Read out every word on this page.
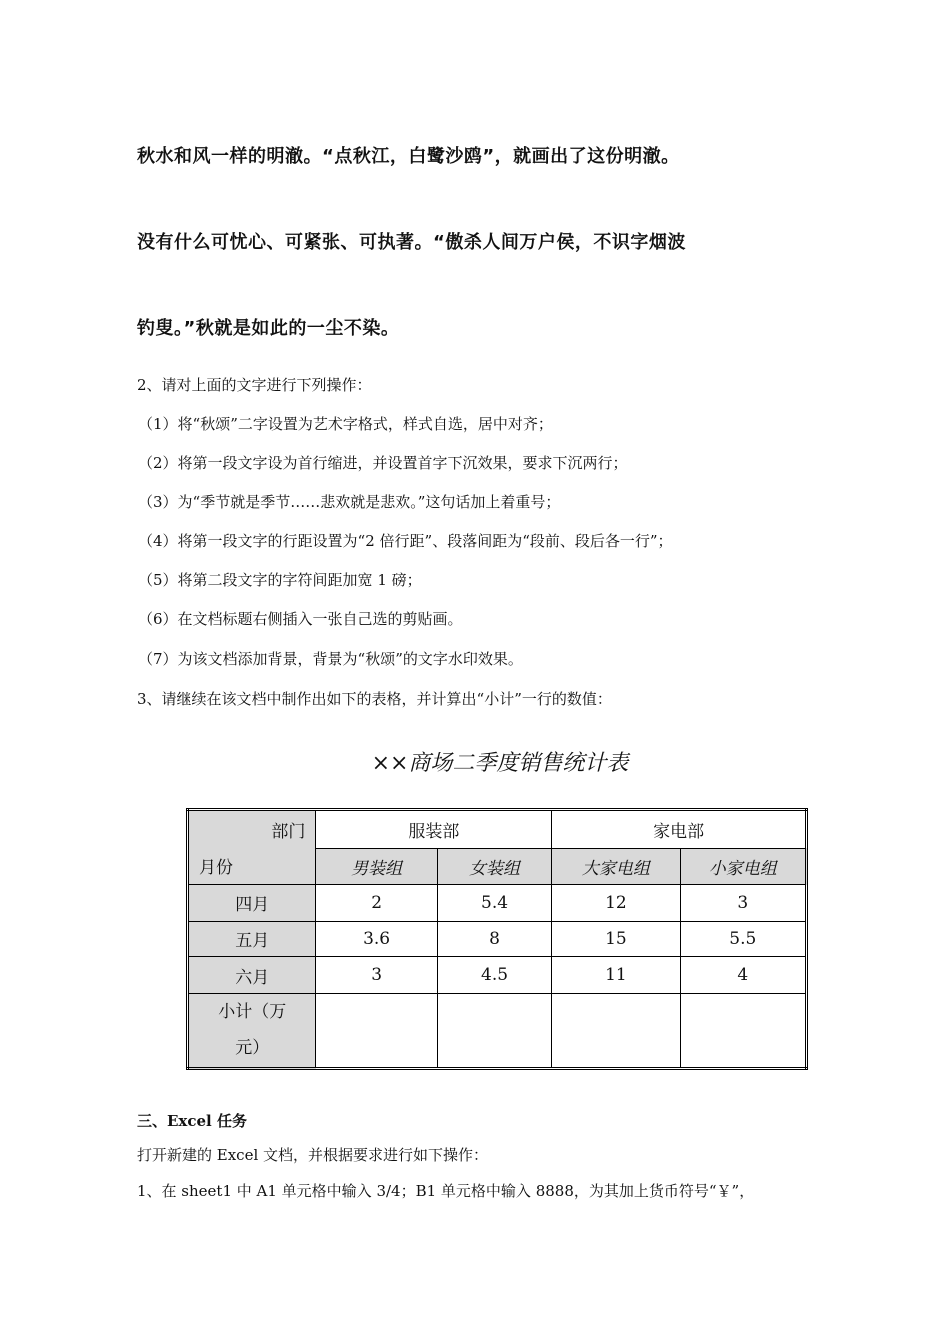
秋水和风一样的明澈。“点秋江，白鹭沙鸥”，就画出了这份明澈。
没有什么可忧心、可紧张、可执著。“傲杀人间万户侯，不识字烟波
钓叟。”秋就是如此的一尘不染。
2、请对上面的文字进行下列操作：
（1）将“秋颂”二字设置为艺术字格式，样式自选，居中对齐；
（2）将第一段文字设为首行缩进，并设置首字下沉效果，要求下沉两行；
（3）为“季节就是季节……悲欢就是悲欢。”这句话加上着重号；
（4）将第一段文字的行距设置为“2 倍行距”、段落间距为“段前、段后各一行”；
（5）将第二段文字的字符间距加宽 1 磅；
（6）在文档标题右侧插入一张自己选的剪贴画。
（7）为该文档添加背景，背景为“秋颂”的文字水印效果。
3、请继续在该文档中制作出如下的表格，并计算出“小计”一行的数值：
××商场二季度销售统计表
部门
月份	服装部		家电部	
	男装组	女装组	大家电组	小家电组
四月	2	5.4	12	3
五月	3.6	8	15	5.5
六月	3	4.5	11	4

小计（万
元）				

三、Excel 任务
打开新建的 Excel 文档，并根据要求进行如下操作：
1、在 sheet1 中 A1 单元格中输入 3/4；B1 单元格中输入 8888，为其加上货币符号“￥”，
